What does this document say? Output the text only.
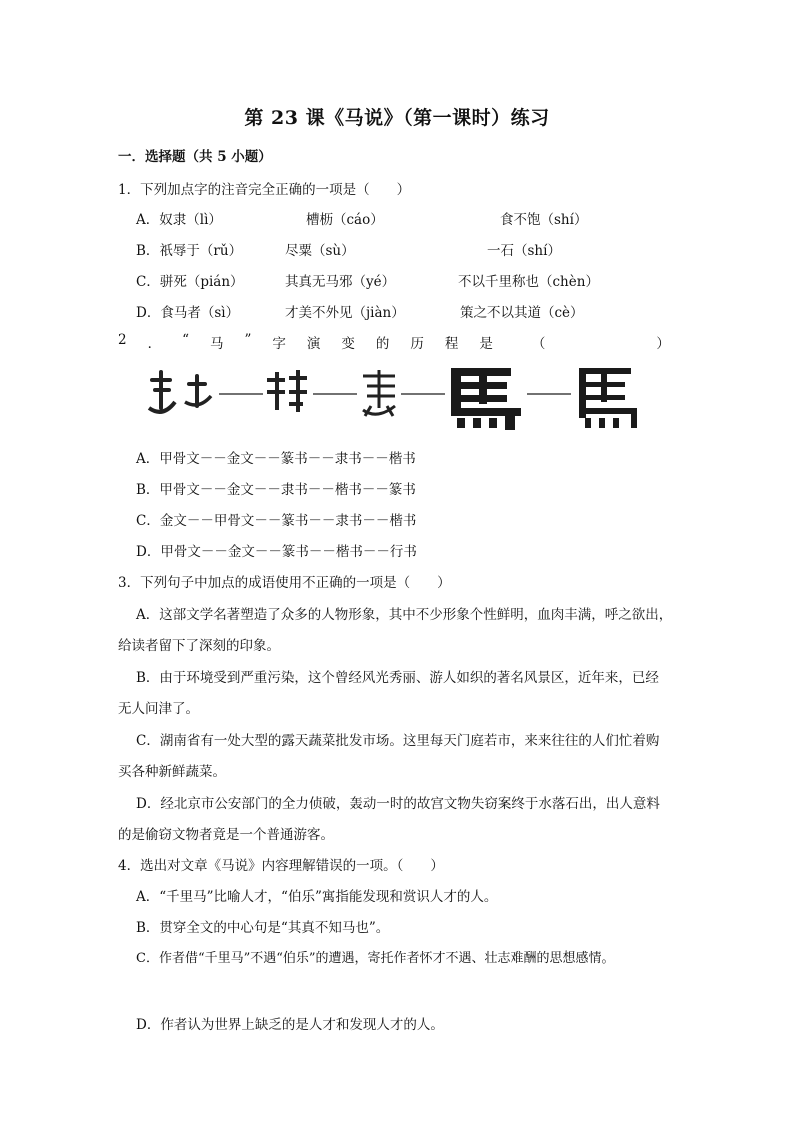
第 23 课《马说》（第一课时）练习
一．选择题（共 5 小题）
1．下列加点字的注音完全正确的一项是（　　）
A．奴隶（lì）	槽枥（cáo）	食不饱（shí）
B．祇辱于（rǔ）	尽粟（sù）	一石（shí）
C．骈死（pián）	其真无马邪（yé）	不以千里称也（chèn）
D．食马者（sì）	才美不外见（jiàn）	策之不以其道（cè）
2 ． “ 马 ” 字 演 变 的 历 程 是	（	）
A．甲骨文－－金文－－篆书－－隶书－－楷书
B．甲骨文－－金文－－隶书－－楷书－－篆书
C．金文－－甲骨文－－篆书－－隶书－－楷书
D．甲骨文－－金文－－篆书－－楷书－－行书
3．下列句子中加点的成语使用不正确的一项是（　　）
A．这部文学名著塑造了众多的人物形象，其中不少形象个性鲜明，血肉丰满，呼之欲出，
给读者留下了深刻的印象。
B．由于环境受到严重污染，这个曾经风光秀丽、游人如织的著名风景区，近年来，已经
无人问津了。
C．湖南省有一处大型的露天蔬菜批发市场。这里每天门庭若市，来来往往的人们忙着购
买各种新鲜蔬菜。
D．经北京市公安部门的全力侦破，轰动一时的故宫文物失窃案终于水落石出，出人意料
的是偷窃文物者竟是一个普通游客。
4．选出对文章《马说》内容理解错误的一项。（　　）
A．“千里马”比喻人才，“伯乐”寓指能发现和赏识人才的人。
B．贯穿全文的中心句是“其真不知马也”。
C．作者借“千里马”不遇“伯乐”的遭遇，寄托作者怀才不遇、壮志难酬的思想感情。
D．作者认为世界上缺乏的是人才和发现人才的人。
